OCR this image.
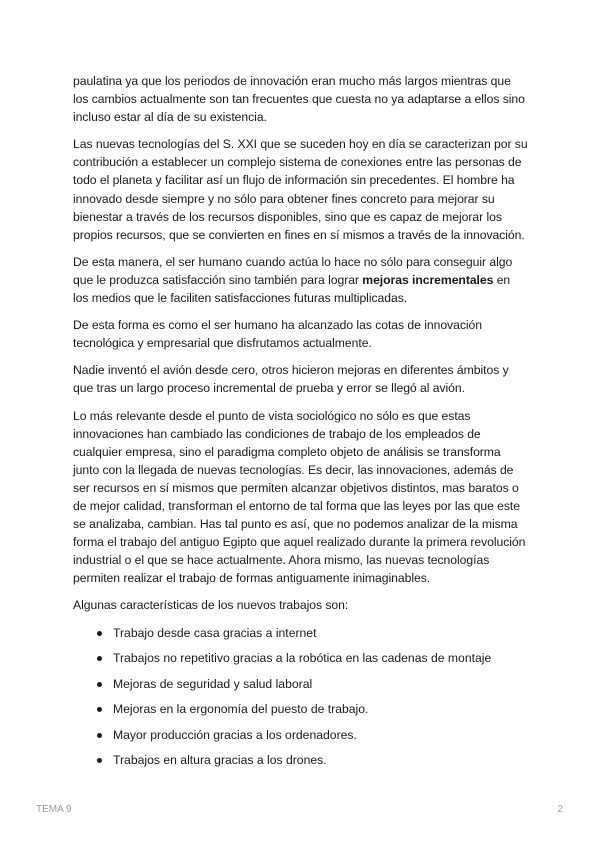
paulatina ya que los periodos de innovación eran mucho más largos mientras que los cambios actualmente son tan frecuentes que cuesta no ya adaptarse a ellos sino incluso estar al día de su existencia.

Las nuevas tecnologías del S. XXI que se suceden hoy en día se caracterizan por su contribución a establecer un complejo sistema de conexiones entre las personas de todo el planeta y facilitar así un flujo de información sin precedentes. El hombre ha innovado desde siempre y no sólo para obtener fines concreto para mejorar su bienestar a través de los recursos disponibles, sino que es capaz de mejorar los propios recursos, que se convierten en fines en sí mismos a través de la innovación.

De esta manera, el ser humano cuando actúa lo hace no sólo para conseguir algo que le produzca satisfacción sino también para lograr mejoras incrementales en los medios que le faciliten satisfacciones futuras multiplicadas.

De esta forma es como el ser humano ha alcanzado las cotas de innovación tecnológica y empresarial que disfrutamos actualmente.

Nadie inventó el avión desde cero, otros hicieron mejoras en diferentes ámbitos y que tras un largo proceso incremental de prueba y error se llegó al avión.

Lo más relevante desde el punto de vista sociológico no sólo es que estas innovaciones han cambiado las condiciones de trabajo de los empleados de cualquier empresa, sino el paradigma completo objeto de análisis se transforma junto con la llegada de nuevas tecnologías. Es decir, las innovaciones, además de ser recursos en sí mismos que permiten alcanzar objetivos distintos, mas baratos o de mejor calidad, transforman el entorno de tal forma que las leyes por las que este se analizaba, cambian. Has tal punto es así, que no podemos analizar de la misma forma el trabajo del antiguo Egipto que aquel realizado durante la primera revolución industrial o el que se hace actualmente. Ahora mismo, las nuevas tecnologías permiten realizar el trabajo de formas antiguamente inimaginables.

Algunas características de los nuevos trabajos son:

Trabajo desde casa gracias a internet
Trabajos no repetitivo gracias a la robótica en las cadenas de montaje
Mejoras de seguridad y salud laboral
Mejoras en la ergonomía del puesto de trabajo.
Mayor producción gracias a los ordenadores.
Trabajos en altura gracias a los drones.
TEMA 9	2
